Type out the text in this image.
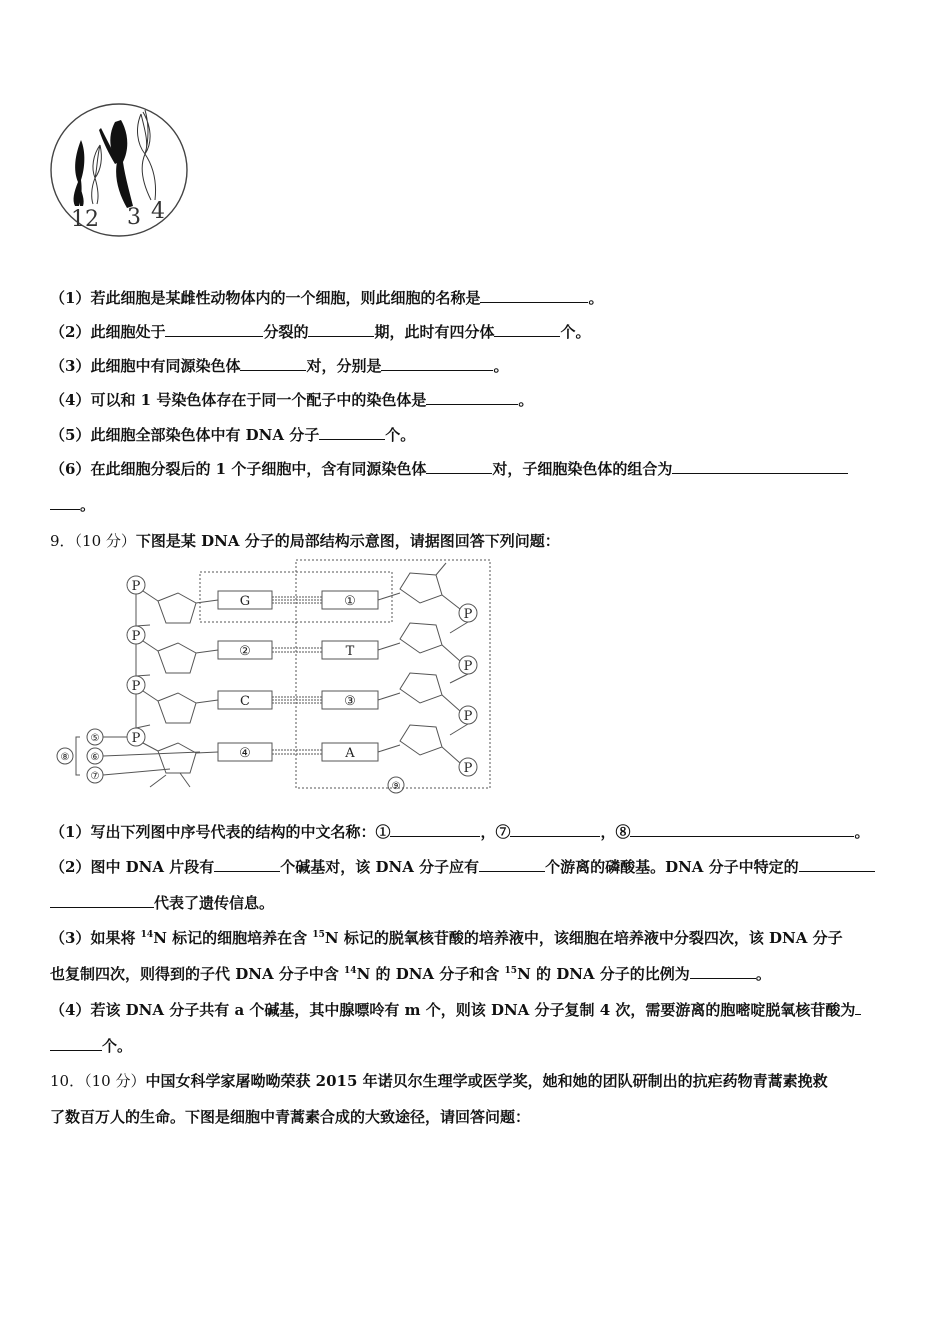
1 2 3 4
（1）若此细胞是某雌性动物体内的一个细胞，则此细胞的名称是	。
（2）此细胞处于	分裂的	期，此时有四分体	个。
（3）此细胞中有同源染色体	对，分别是	。
（4）可以和 1 号染色体存在于同一个配子中的染色体是	。
（5）此细胞全部染色体中有 DNA 分子	个。
（6）在此细胞分裂后的 1 个子细胞中，含有同源染色体	对，子细胞染色体的组合为
。
9．（10 分）下图是某 DNA 分子的局部结构示意图，请据图回答下列问题：
P
P
P
P
P
P
P
P
G
②
C
④
①
T
③
A
⑤
⑥
⑦
⑧
⑨
（1）写出下列图中序号代表的结构的中文名称：①	，⑦	，⑧	。
（2）图中 DNA 片段有	个碱基对，该 DNA 分子应有	个游离的磷酸基。DNA 分子中特定的
代表了遗传信息。
（3）如果将 $^{14}$N 标记的细胞培养在含 $^{15}$N 标记的脱氧核苷酸的培养液中，该细胞在培养液中分裂四次，该 DNA 分子
也复制四次，则得到的子代 DNA 分子中含 $^{14}$N 的 DNA 分子和含 $^{15}$N 的 DNA 分子的比例为	。
（4）若该 DNA 分子共有 a 个碱基，其中腺嘌呤有 m 个，则该 DNA 分子复制 4 次，需要游离的胞嘧啶脱氧核苷酸为
个。
10．（10 分）中国女科学家屠呦呦荣获 2015 年诺贝尔生理学或医学奖，她和她的团队研制出的抗疟药物青蒿素挽救
了数百万人的生命。下图是细胞中青蒿素合成的大致途径，请回答问题：
